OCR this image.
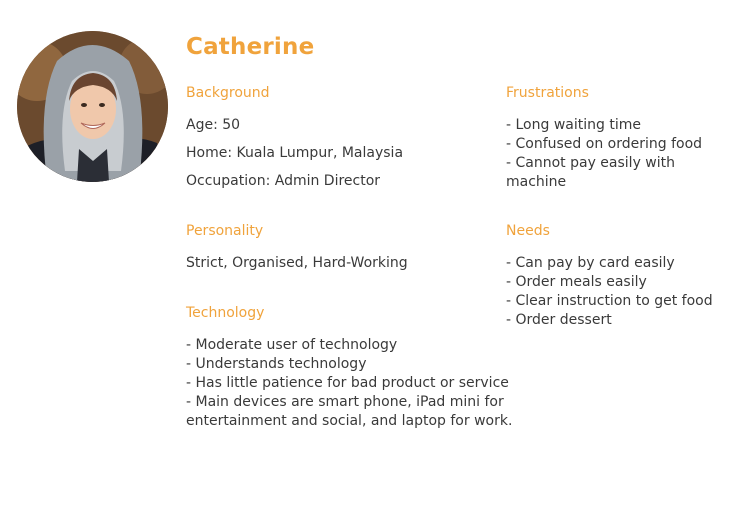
Catherine
Background
Age: 50
Home: Kuala Lumpur, Malaysia
Occupation: Admin Director
Personality
Strict, Organised, Hard-Working
Technology
- Moderate user of technology
- Understands technology
- Has little patience for bad product or service
- Main devices are smart phone, iPad mini for
entertainment and social, and laptop for work.
Frustrations
- Long waiting time
- Confused on ordering food
- Cannot pay easily with
machine
Needs
- Can pay by card easily
- Order meals easily
- Clear instruction to get food
- Order dessert
